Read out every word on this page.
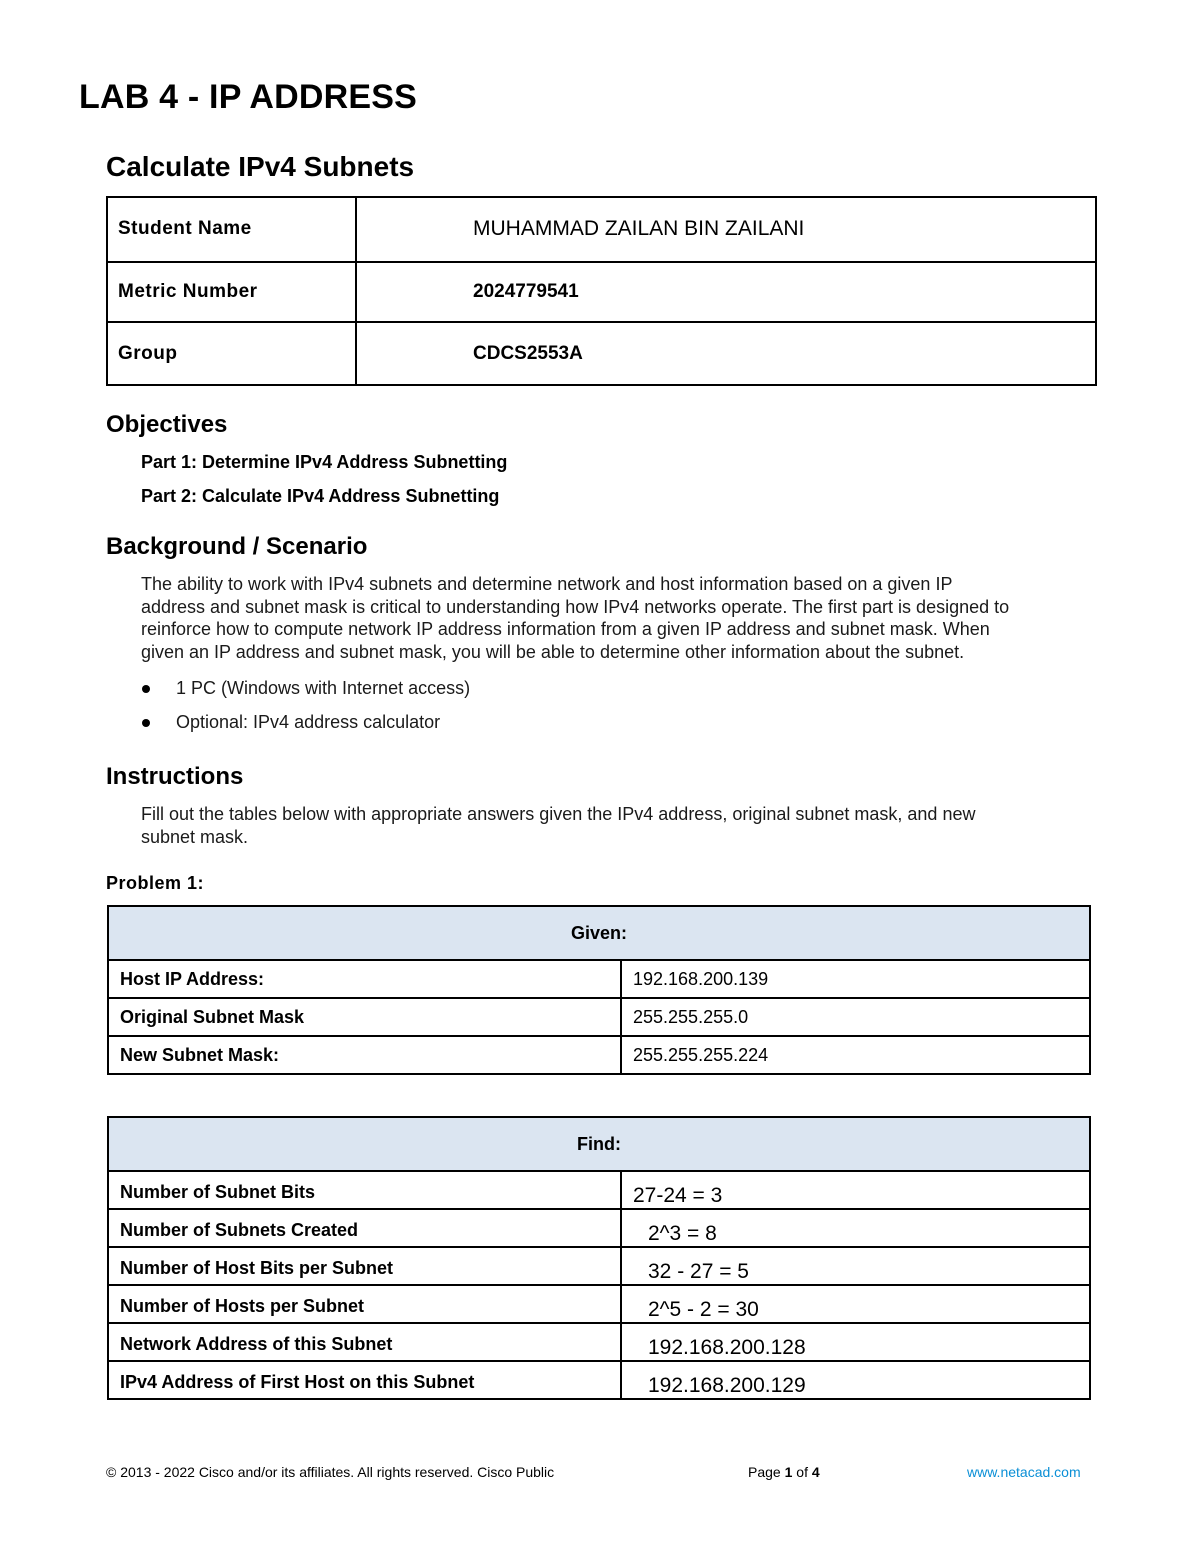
LAB 4 - IP ADDRESS
Calculate IPv4 Subnets
Student Name	MUHAMMAD ZAILAN BIN ZAILANI
Metric Number	2024779541
Group	CDCS2553A
Objectives
Part 1: Determine IPv4 Address Subnetting
Part 2: Calculate IPv4 Address Subnetting
Background / Scenario
The ability to work with IPv4 subnets and determine network and host information based on a given IP
address and subnet mask is critical to understanding how IPv4 networks operate. The first part is designed to
reinforce how to compute network IP address information from a given IP address and subnet mask. When
given an IP address and subnet mask, you will be able to determine other information about the subnet.
1 PC (Windows with Internet access)
Optional: IPv4 address calculator
Instructions
Fill out the tables below with appropriate answers given the IPv4 address, original subnet mask, and new
subnet mask.
Problem 1:
Given:	
Host IP Address:	192.168.200.139
Original Subnet Mask	255.255.255.0
New Subnet Mask:	255.255.255.224
Find:	
Number of Subnet Bits	27-24 = 3
Number of Subnets Created	2^3 = 8
Number of Host Bits per Subnet	32 - 27 = 5
Number of Hosts per Subnet	2^5 - 2 = 30
Network Address of this Subnet	192.168.200.128
IPv4 Address of First Host on this Subnet	192.168.200.129
© 2013 - 2022 Cisco and/or its affiliates. All rights reserved. Cisco Public	Page 1 of 4	www.netacad.com
